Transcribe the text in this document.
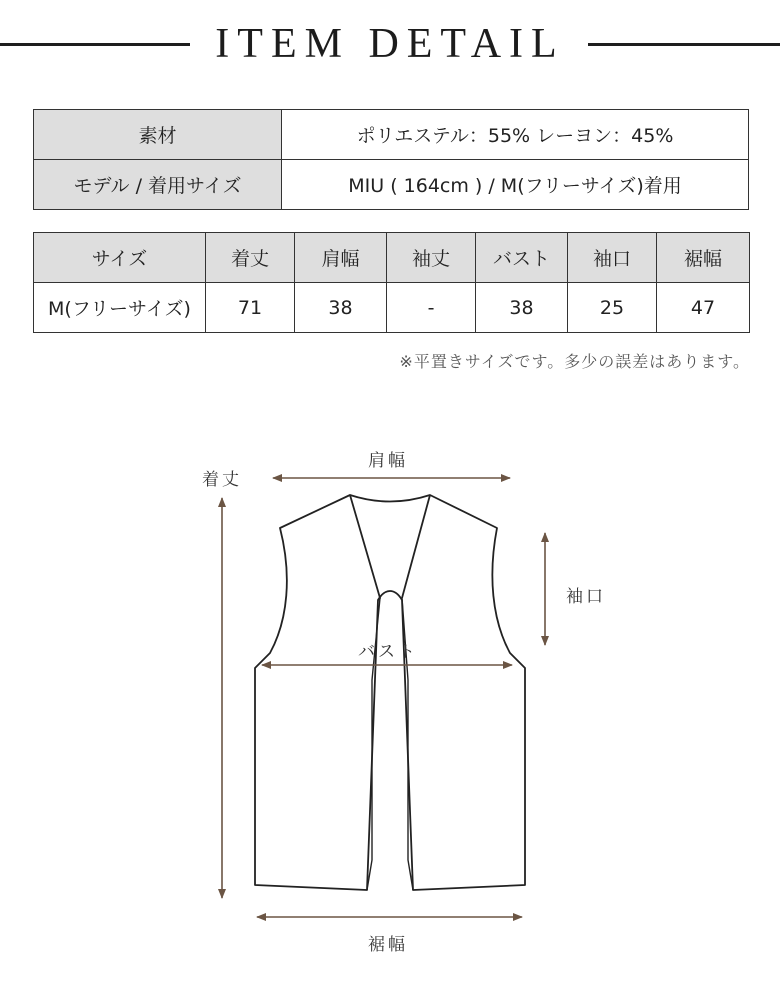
ITEM DETAIL
素材	ポリエステル：55% レーヨン：45%
モデル / 着用サイズ	MIU ( 164cm ) / M(フリーサイズ)着用
サイズ	着丈	肩幅	袖丈	バスト	袖口	裾幅
M(フリーサイズ)	71	38	-	38	25	47
※平置きサイズです。多少の誤差はあります。
着丈
肩幅
袖口
バスト
裾幅
